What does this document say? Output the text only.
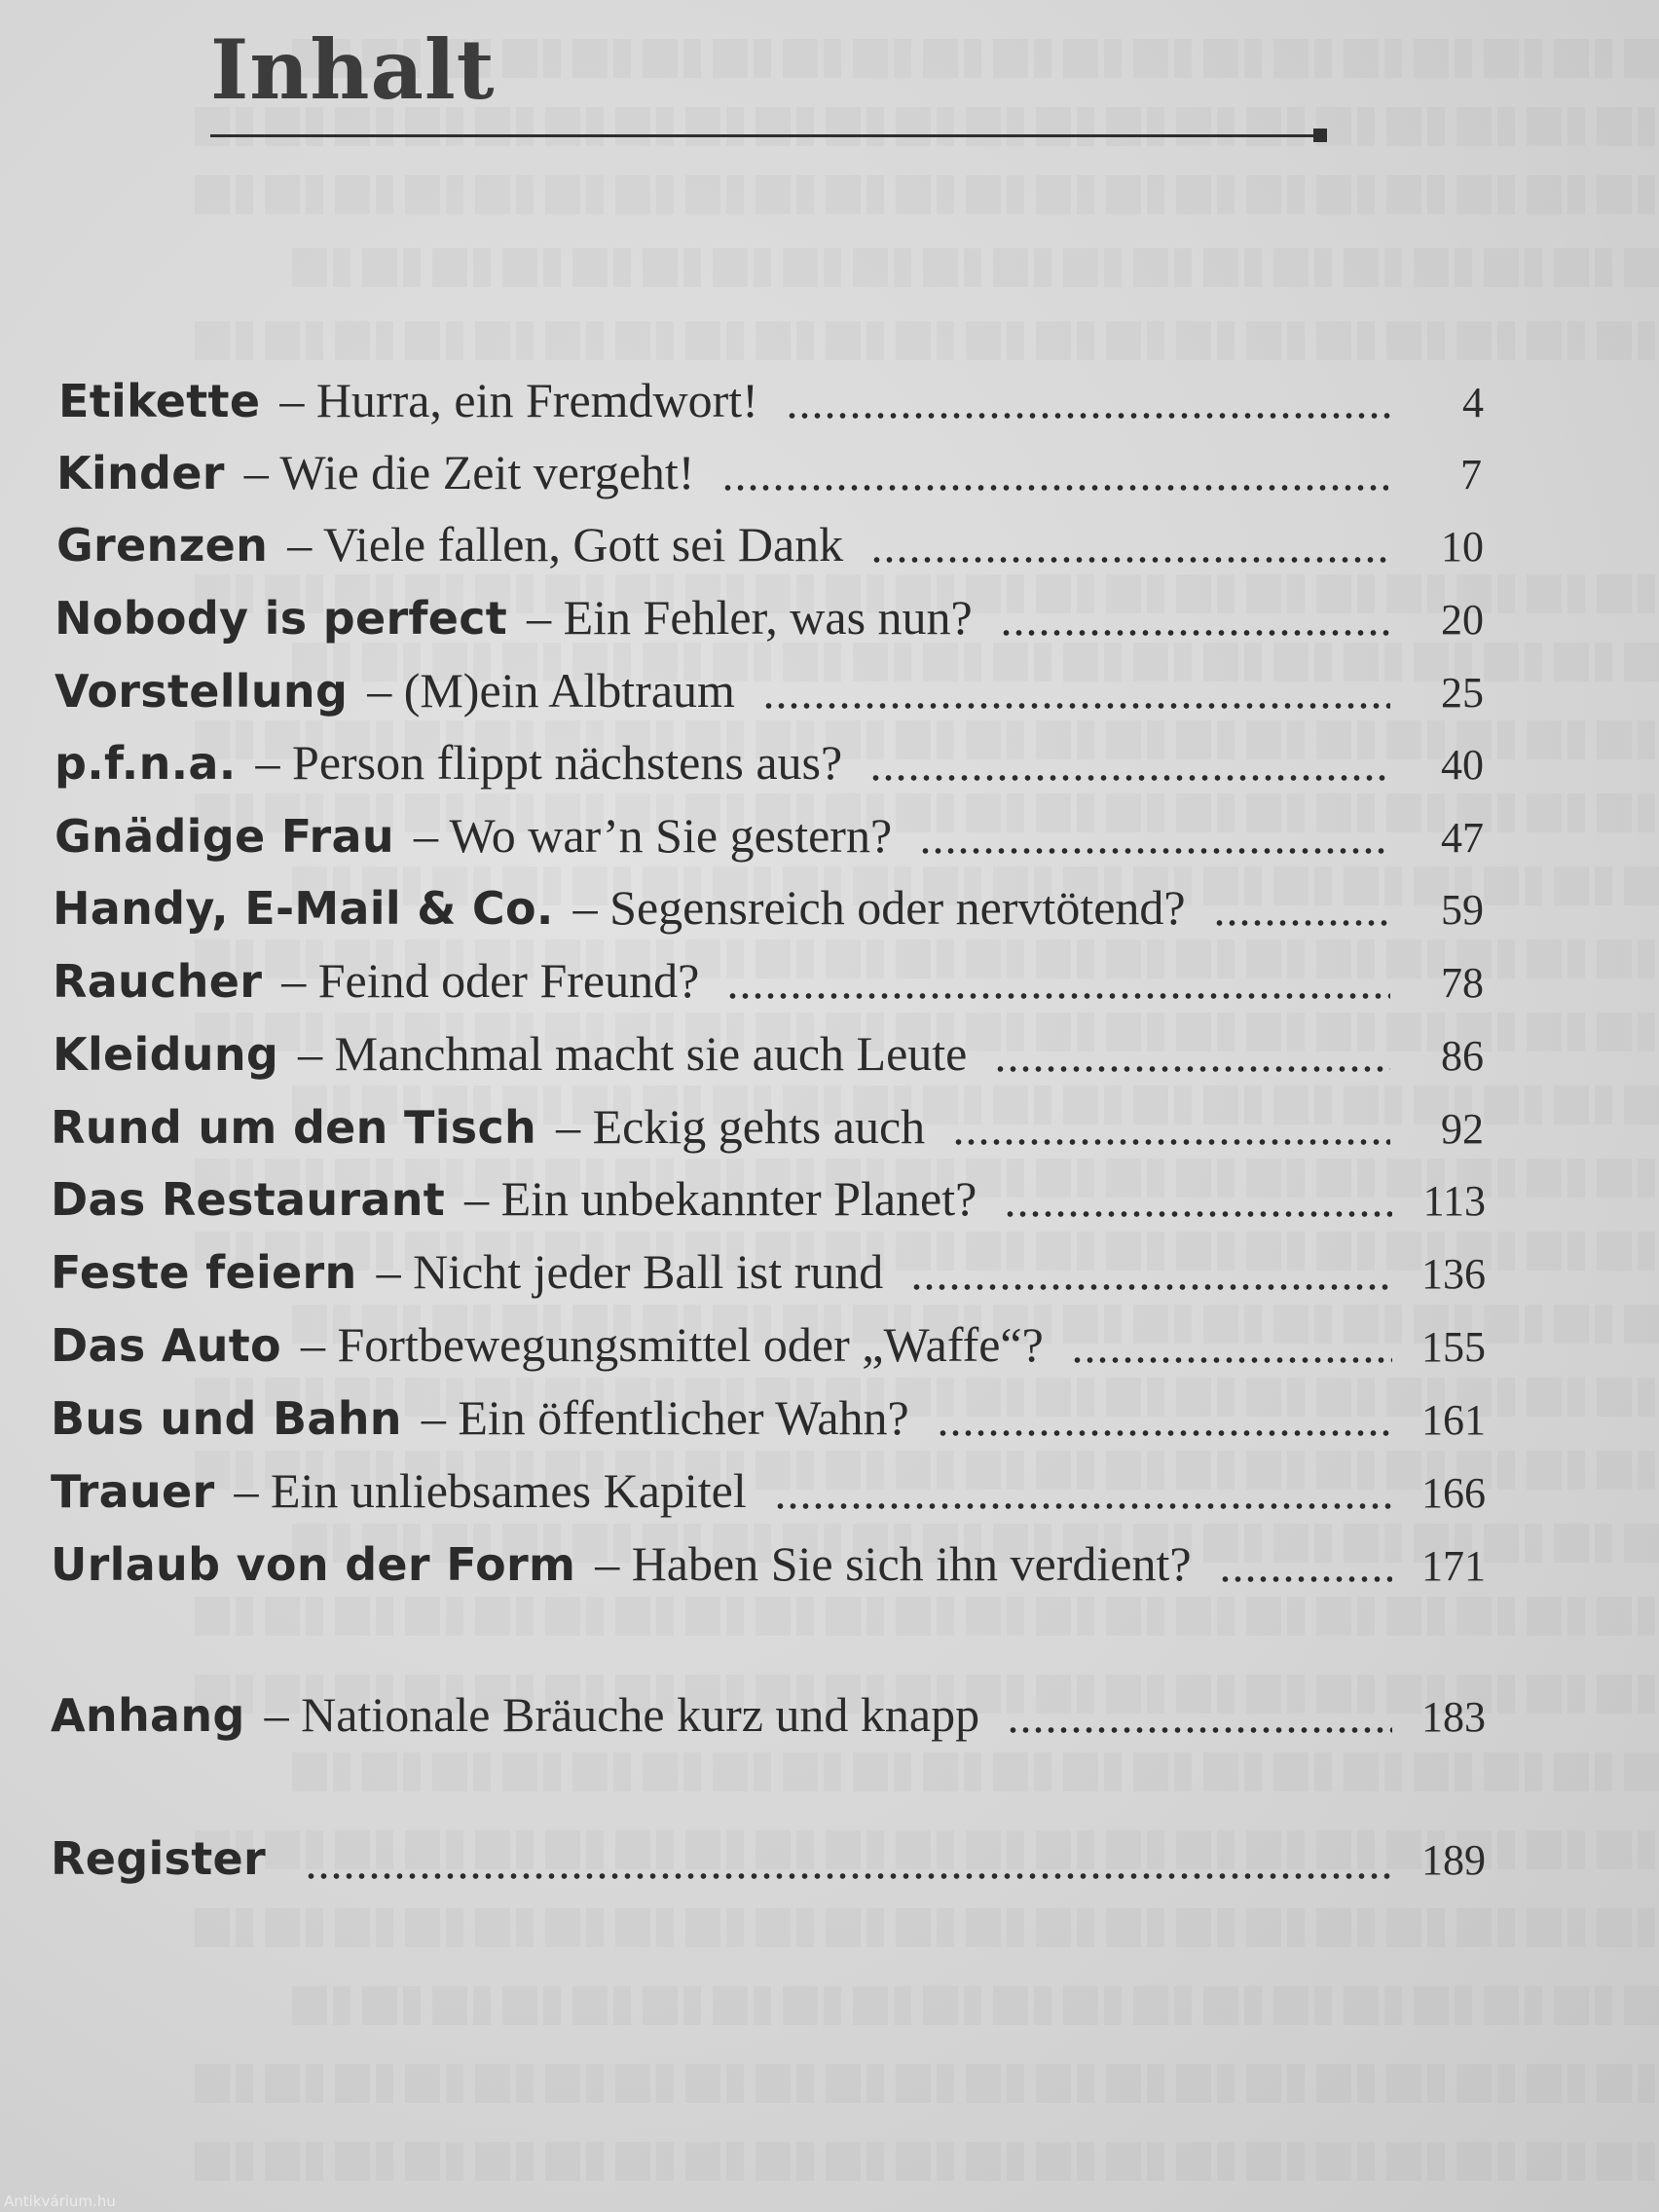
Inhalt
Etikette – Hurra, ein Fremdwort!	4
Kinder – Wie die Zeit vergeht!	7
Grenzen – Viele fallen, Gott sei Dank	10
Nobody is perfect – Ein Fehler, was nun?	20
Vorstellung – (M)ein Albtraum	25
p.f.n.a. – Person flippt nächstens aus?	40
Gnädige Frau – Wo war’n Sie gestern?	47
Handy, E-Mail & Co. – Segensreich oder nervtötend?	59
Raucher – Feind oder Freund?	78
Kleidung – Manchmal macht sie auch Leute	86
Rund um den Tisch – Eckig gehts auch	92
Das Restaurant – Ein unbekannter Planet?	113
Feste feiern – Nicht jeder Ball ist rund	136
Das Auto – Fortbewegungsmittel oder „Waffe“?	155
Bus und Bahn – Ein öffentlicher Wahn?	161
Trauer – Ein unliebsames Kapitel	166
Urlaub von der Form – Haben Sie sich ihn verdient?	171
Anhang – Nationale Bräuche kurz und knapp	183
Register	189
Antikvárium.hu
